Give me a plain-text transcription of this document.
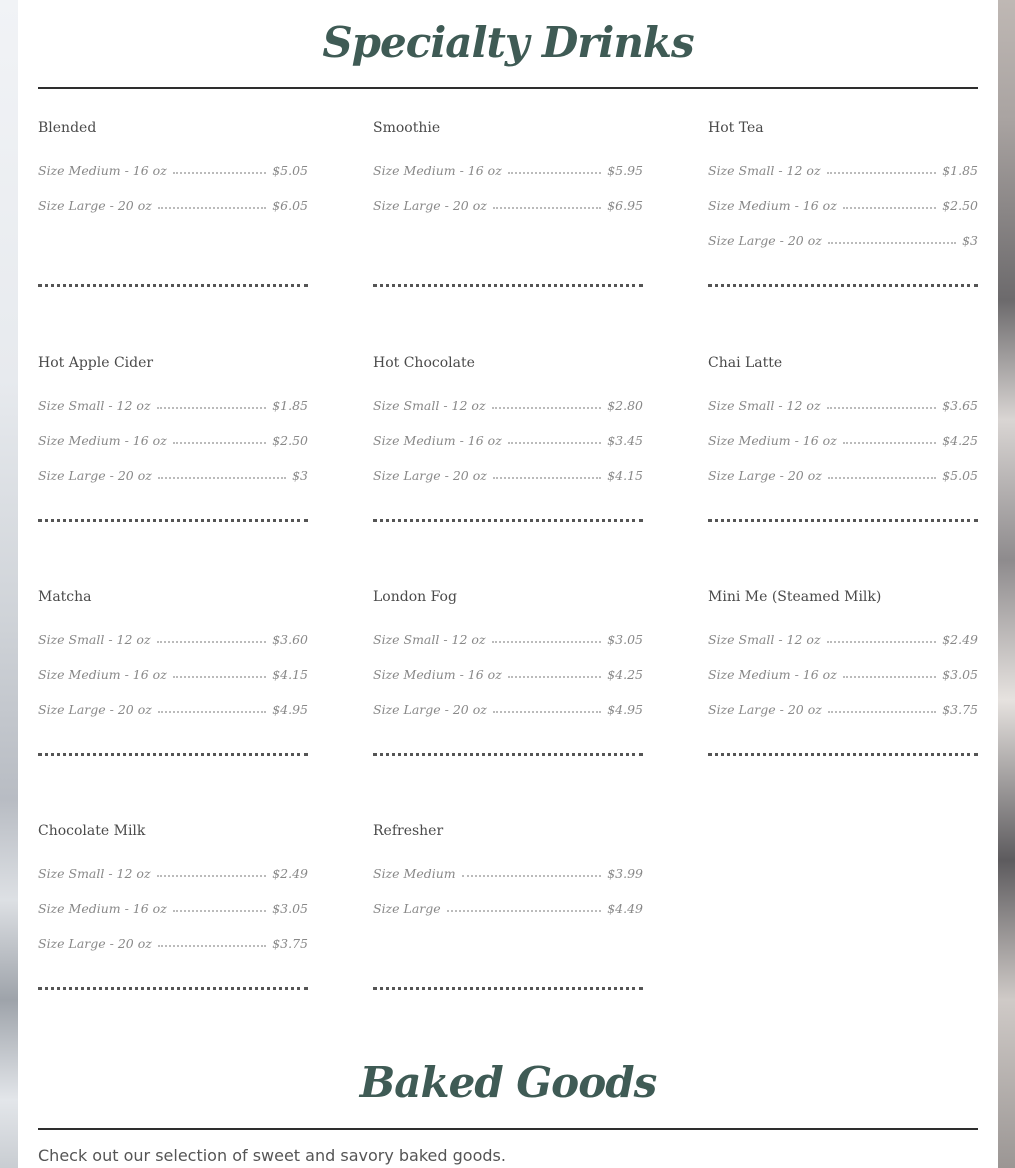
Specialty Drinks
Blended
Size Medium - 16 oz	$5.05
Size Large - 20 oz	$6.05
Smoothie
Size Medium - 16 oz	$5.95
Size Large - 20 oz	$6.95
Hot Tea
Size Small - 12 oz	$1.85
Size Medium - 16 oz	$2.50
Size Large - 20 oz	$3
Hot Apple Cider
Size Small - 12 oz	$1.85
Size Medium - 16 oz	$2.50
Size Large - 20 oz	$3
Hot Chocolate
Size Small - 12 oz	$2.80
Size Medium - 16 oz	$3.45
Size Large - 20 oz	$4.15
Chai Latte
Size Small - 12 oz	$3.65
Size Medium - 16 oz	$4.25
Size Large - 20 oz	$5.05
Matcha
Size Small - 12 oz	$3.60
Size Medium - 16 oz	$4.15
Size Large - 20 oz	$4.95
London Fog
Size Small - 12 oz	$3.05
Size Medium - 16 oz	$4.25
Size Large - 20 oz	$4.95
Mini Me (Steamed Milk)
Size Small - 12 oz	$2.49
Size Medium - 16 oz	$3.05
Size Large - 20 oz	$3.75
Chocolate Milk
Size Small - 12 oz	$2.49
Size Medium - 16 oz	$3.05
Size Large - 20 oz	$3.75
Refresher
Size Medium	$3.99
Size Large	$4.49
Baked Goods
Check out our selection of sweet and savory baked goods.
